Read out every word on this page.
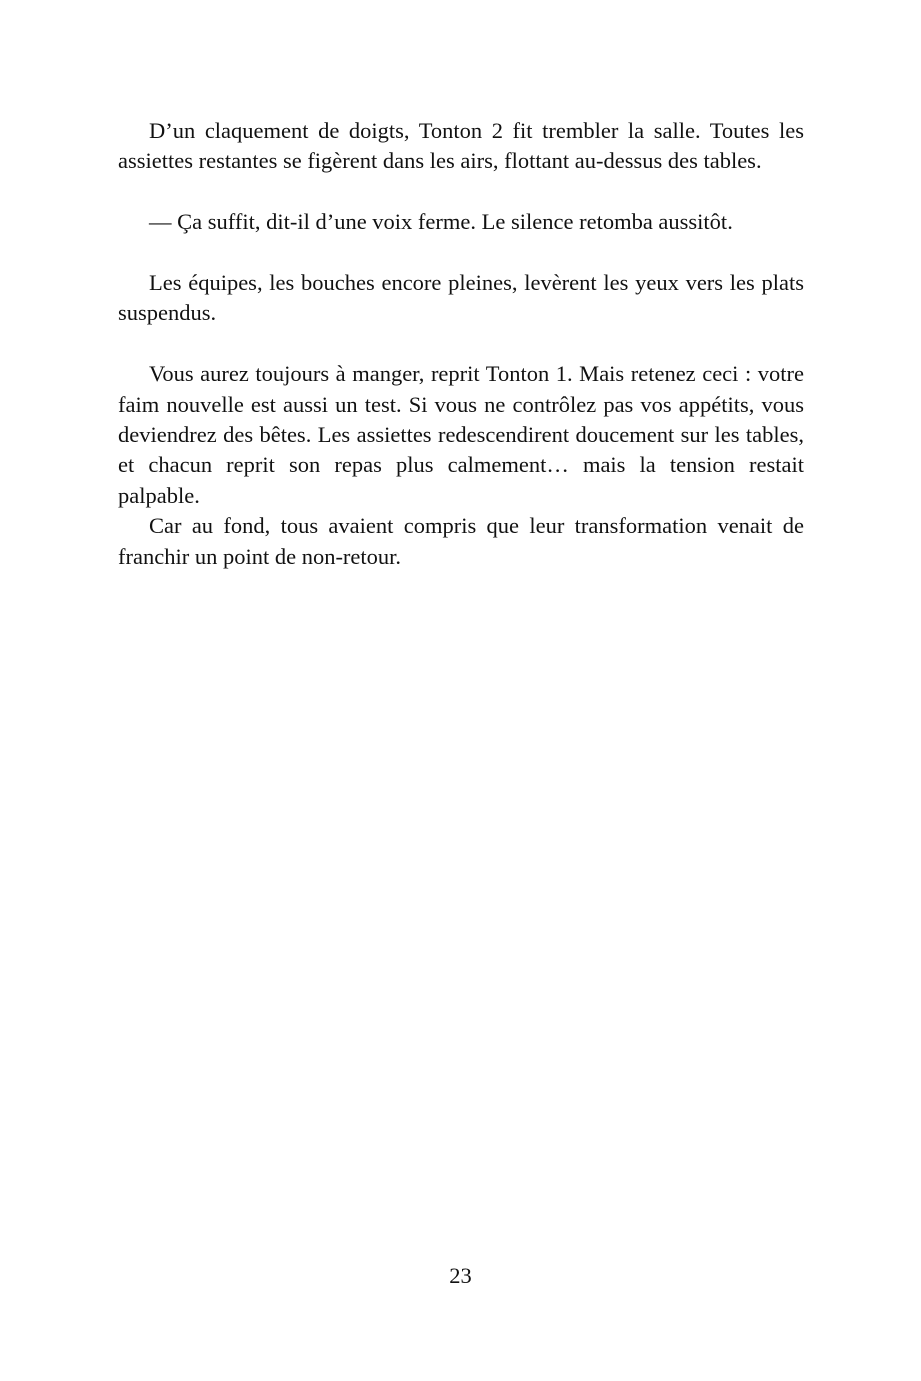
D’un claquement de doigts, Tonton 2 fit trembler la salle. Toutes les assiettes restantes se figèrent dans les airs, flottant au-dessus des tables.

— Ça suffit, dit-il d’une voix ferme. Le silence retomba aussitôt.

Les équipes, les bouches encore pleines, levèrent les yeux vers les plats suspendus.

Vous aurez toujours à manger, reprit Tonton 1. Mais retenez ceci : votre faim nouvelle est aussi un test. Si vous ne contrôlez pas vos appétits, vous deviendrez des bêtes. Les assiettes redescendirent doucement sur les tables, et chacun reprit son repas plus calmement… mais la tension restait palpable.

Car au fond, tous avaient compris que leur transformation venait de franchir un point de non-retour.

23
